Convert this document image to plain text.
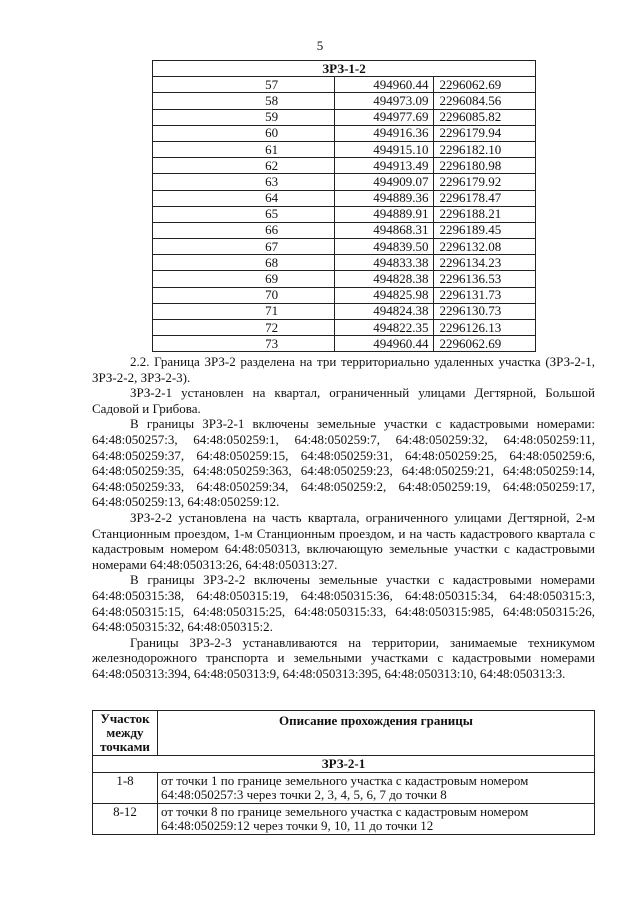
5
ЗРЗ-1-2		
57	494960.44	2296062.69
58	494973.09	2296084.56
59	494977.69	2296085.82
60	494916.36	2296179.94
61	494915.10	2296182.10
62	494913.49	2296180.98
63	494909.07	2296179.92
64	494889.36	2296178.47
65	494889.91	2296188.21
66	494868.31	2296189.45
67	494839.50	2296132.08
68	494833.38	2296134.23
69	494828.38	2296136.53
70	494825.98	2296131.73
71	494824.38	2296130.73
72	494822.35	2296126.13
73	494960.44	2296062.69

2.2. Граница ЗРЗ-2 разделена на три территориально удаленных участка (ЗРЗ-2-1, ЗРЗ-2-2, ЗРЗ-2-3).

ЗРЗ-2-1 установлен на квартал, ограниченный улицами Дегтярной, Большой Садовой и Грибова.

В границы ЗРЗ-2-1 включены земельные участки с кадастровыми номерами: 64:48:050257:3, 64:48:050259:1, 64:48:050259:7, 64:48:050259:32, 64:48:050259:11, 64:48:050259:37, 64:48:050259:15, 64:48:050259:31, 64:48:050259:25, 64:48:050259:6, 64:48:050259:35, 64:48:050259:363, 64:48:050259:23, 64:48:050259:21, 64:48:050259:14, 64:48:050259:33, 64:48:050259:34, 64:48:050259:2, 64:48:050259:19, 64:48:050259:17, 64:48:050259:13, 64:48:050259:12.

ЗРЗ-2-2 установлена на часть квартала, ограниченного улицами Дегтярной, 2-м Станционным проездом, 1-м Станционным проездом, и на часть кадастрового квартала с кадастровым номером 64:48:050313, включающую земельные участки с кадастровыми номерами 64:48:050313:26, 64:48:050313:27.

В границы ЗРЗ-2-2 включены земельные участки с кадастровыми номерами 64:48:050315:38, 64:48:050315:19, 64:48:050315:36, 64:48:050315:34, 64:48:050315:3, 64:48:050315:15, 64:48:050315:25, 64:48:050315:33, 64:48:050315:985, 64:48:050315:26, 64:48:050315:32, 64:48:050315:2.

Границы ЗРЗ-2-3 устанавливаются на территории, занимаемые техникумом железнодорожного транспорта и земельными участками с кадастровыми номерами 64:48:050313:394, 64:48:050313:9, 64:48:050313:395, 64:48:050313:10, 64:48:050313:3.

Участок между точками	Описание прохождения границы
ЗРЗ-2-1	
1-8	от точки 1 по границе земельного участка с кадастровым номером 64:48:050257:3 через точки 2, 3, 4, 5, 6, 7 до точки 8
8-12	от точки 8 по границе земельного участка с кадастровым номером 64:48:050259:12 через точки 9, 10, 11 до точки 12
